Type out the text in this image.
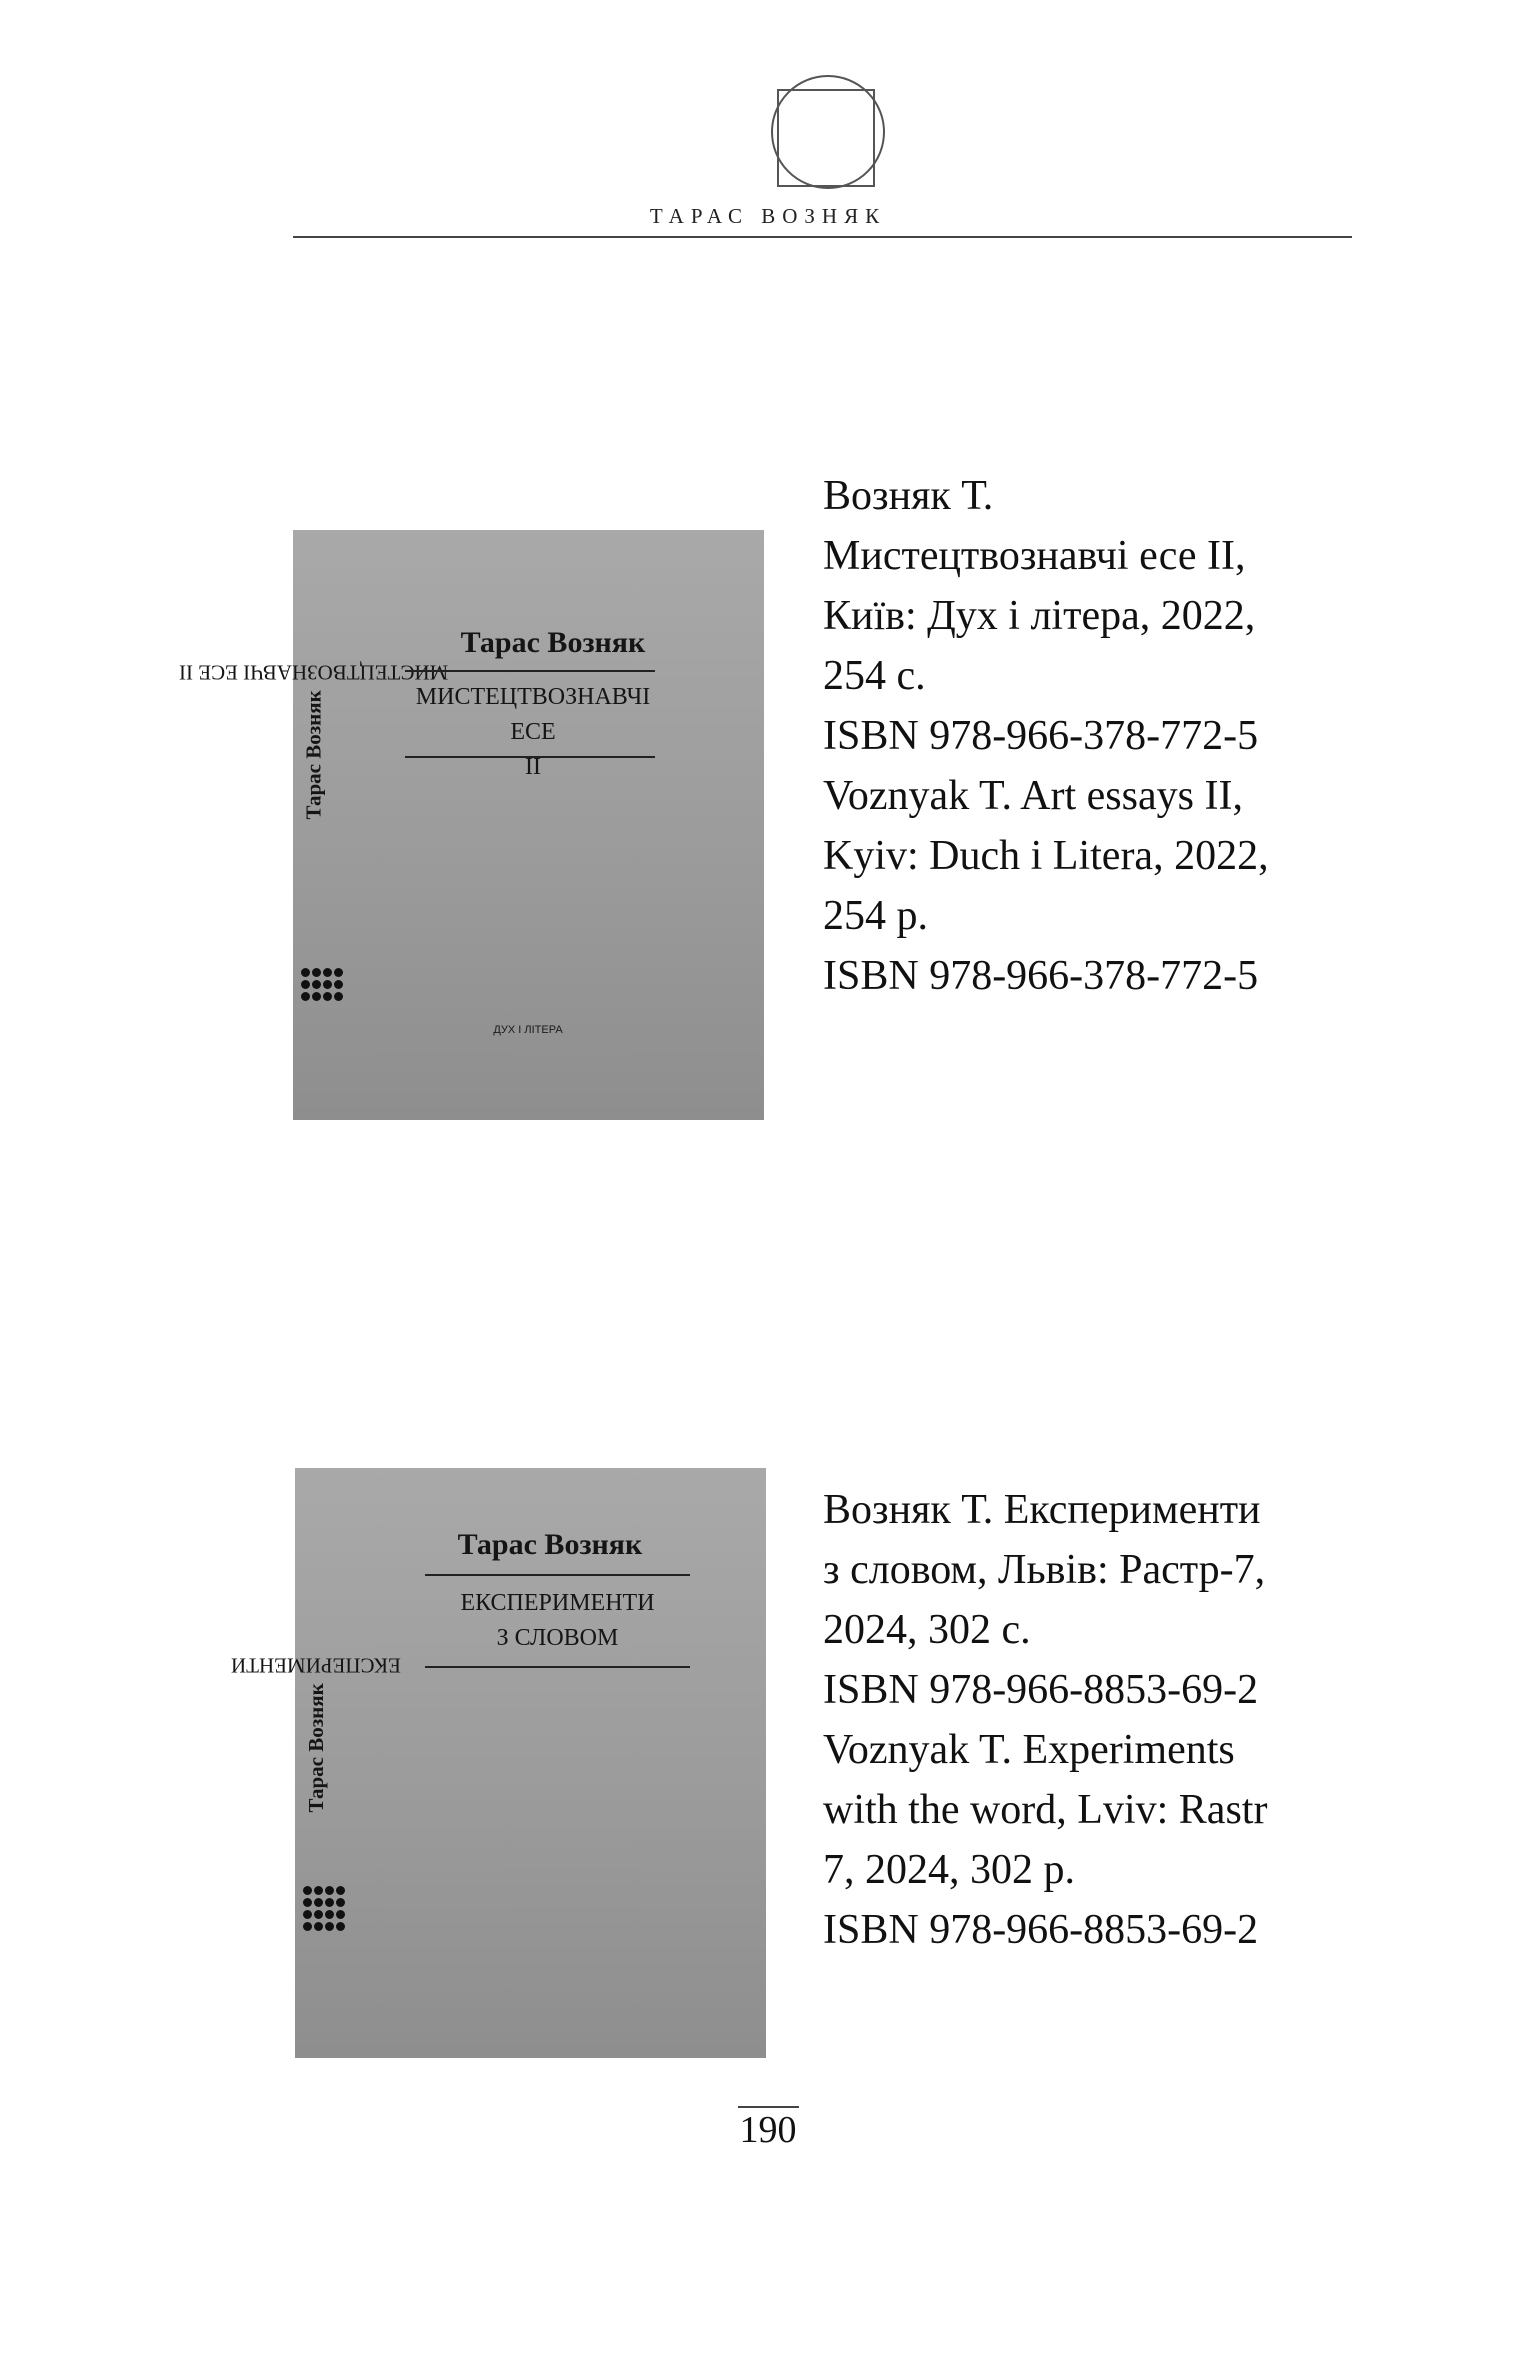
ТАРАС ВОЗНЯК
Тарас Возняк МИСТЕЦТВОЗНАВЧІ ЕСЕ II
Тарас Возняк
МИСТЕЦТВОЗНАВЧІ ЕСЕ
II
ДУХ І ЛІТЕРА
Возняк Т.
Мистецтвознавчі есе II,
Київ: Дух і літера, 2022,
254 с.
ISBN 978-966-378-772-5
Voznyak T. Art essays II,
Kyiv: Duch i Litera, 2022,
254 p.
ISBN 978-966-378-772-5
Тарас Возняк ЕКСПЕРИМЕНТИ
Тарас Возняк
ЕКСПЕРИМЕНТИ
З СЛОВОМ
Возняк Т. Експерименти
з словом, Львів: Растр-7,
2024, 302 с.
ISBN 978-966-8853-69-2
Voznyak T. Experiments
with the word, Lviv: Rastr
7, 2024, 302 p.
ISBN 978-966-8853-69-2
190
